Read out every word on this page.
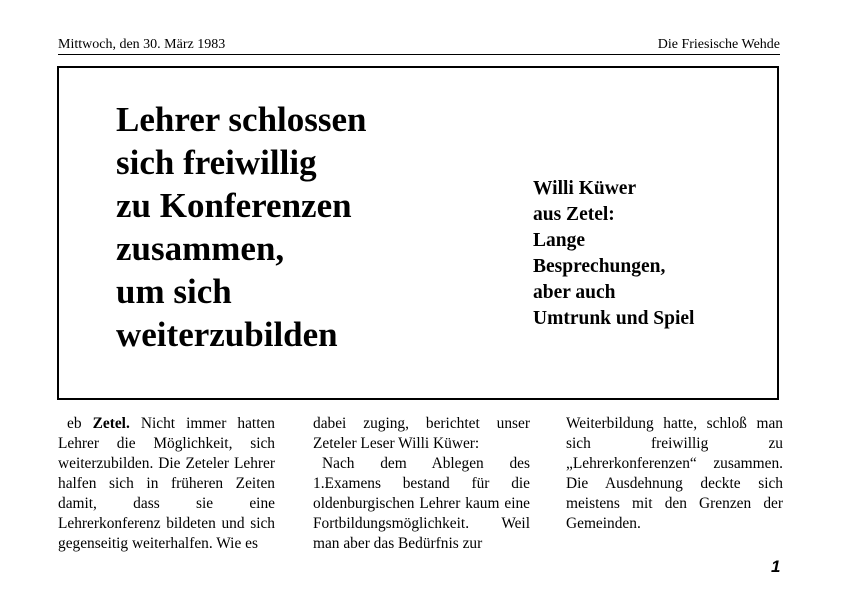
Mittwoch, den 30. März 1983	Die Friesische Wehde
Lehrer schlossen
sich freiwillig
zu Konferenzen
zusammen,
um sich
weiterzubilden
Willi Küwer
aus Zetel:
Lange
Besprechungen,
aber auch
Umtrunk und Spiel

eb Zetel. Nicht immer hatten Lehrer die Möglichkeit, sich weiterzubilden. Die Zeteler Lehrer halfen sich in früheren Zeiten damit, dass sie eine Lehrerkonferenz bildeten und sich gegenseitig weiterhalfen. Wie es

dabei zuging, berichtet unser Zeteler Leser Willi Küwer:

Nach dem Ablegen des 1.Examens bestand für die oldenburgischen Lehrer kaum eine Fortbildungsmöglichkeit. Weil man aber das Bedürfnis zur

Weiterbildung hatte, schloß man sich freiwillig zu „Lehrerkonferenzen“ zusammen. Die Ausdehnung deckte sich meistens mit den Grenzen der Gemeinden.

1
